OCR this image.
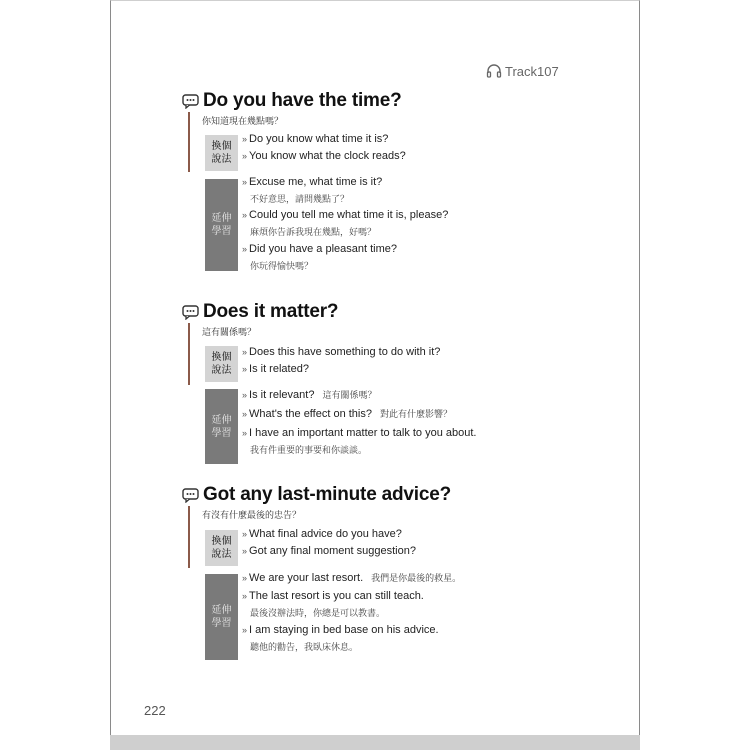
Track107
Do you have the time?
你知道現在幾點嗎？
換個
說法
» Do you know what time it is?
» You know what the clock reads?
延伸
學習
» Excuse me, what time is it?
不好意思，請問幾點了？
» Could you tell me what time it is, please?
麻煩你告訴我現在幾點，好嗎？
» Did you have a pleasant time?
你玩得愉快嗎？
Does it matter?
這有關係嗎？
換個
說法
» Does this have something to do with it?
» Is it related?
延伸
學習
» Is it relevant? 這有關係嗎？
» What's the effect on this? 對此有什麼影響？
» I have an important matter to talk to you about.
我有件重要的事要和你談談。
Got any last-minute advice?
有沒有什麼最後的忠告？
換個
說法
» What final advice do you have?
» Got any final moment suggestion?
延伸
學習
» We are your last resort. 我們是你最後的救星。
» The last resort is you can still teach.
最後沒辦法時，你總是可以教書。
» I am staying in bed base on his advice.
聽他的勸告，我臥床休息。
222
